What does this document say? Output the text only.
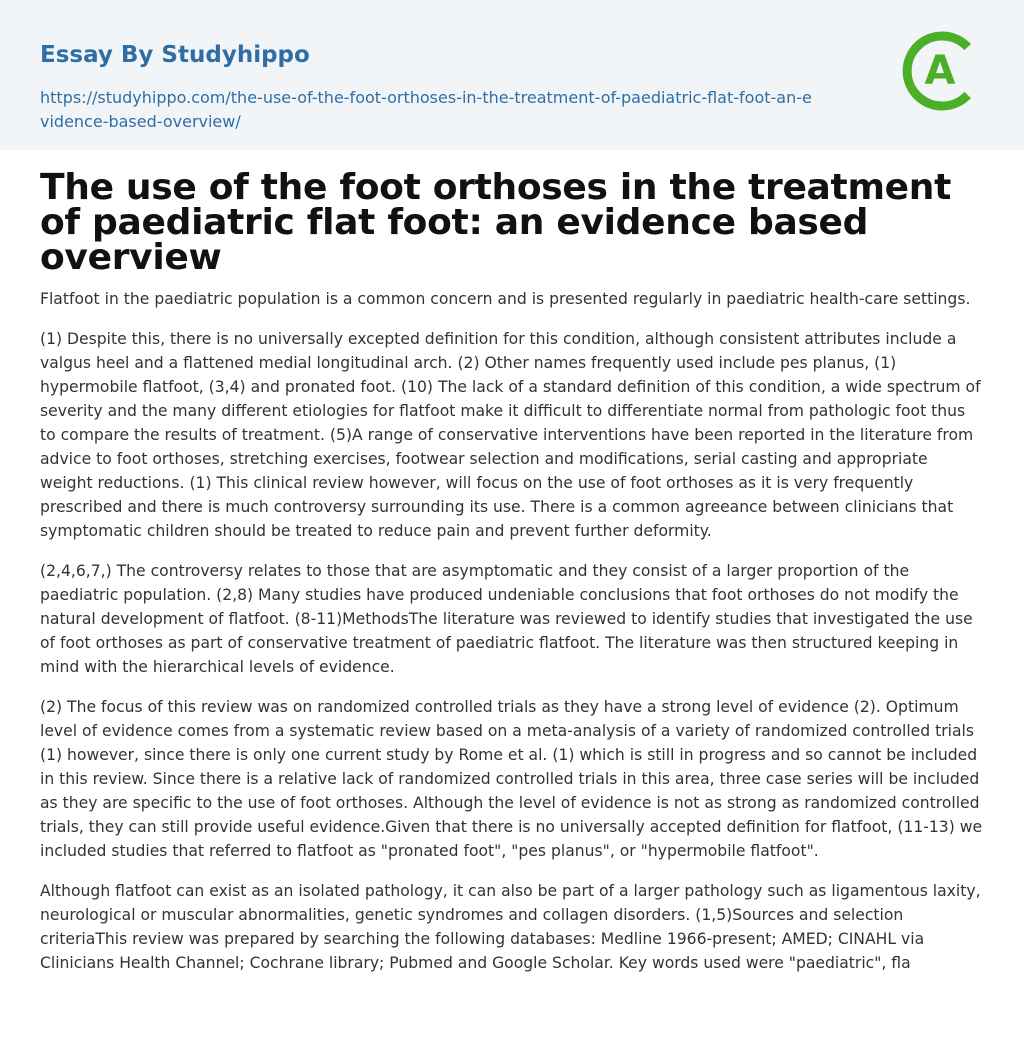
Essay By Studyhippo
https://studyhippo.com/the-use-of-the-foot-orthoses-in-the-treatment-of-paediatric-flat-foot-an-evidence-based-overview/
A
The use of the foot orthoses in the treatment of paediatric flat foot: an evidence based overview

Flatfoot in the paediatric population is a common concern and is presented regularly in paediatric health-care settings.

(1) Despite this, there is no universally excepted definition for this condition, although consistent attributes include a valgus heel and a flattened medial longitudinal arch. (2) Other names frequently used include pes planus, (1) hypermobile flatfoot, (3,4) and pronated foot. (10) The lack of a standard definition of this condition, a wide spectrum of severity and the many different etiologies for flatfoot make it difficult to differentiate normal from pathologic foot thus to compare the results of treatment. (5)A range of conservative interventions have been reported in the literature from advice to foot orthoses, stretching exercises, footwear selection and modifications, serial casting and appropriate weight reductions. (1) This clinical review however, will focus on the use of foot orthoses as it is very frequently prescribed and there is much controversy surrounding its use. There is a common agreeance between clinicians that symptomatic children should be treated to reduce pain and prevent further deformity.

(2,4,6,7,) The controversy relates to those that are asymptomatic and they consist of a larger proportion of the paediatric population. (2,8) Many studies have produced undeniable conclusions that foot orthoses do not modify the natural development of flatfoot. (8-11)MethodsThe literature was reviewed to identify studies that investigated the use of foot orthoses as part of conservative treatment of paediatric flatfoot. The literature was then structured keeping in mind with the hierarchical levels of evidence.

(2) The focus of this review was on randomized controlled trials as they have a strong level of evidence (2). Optimum level of evidence comes from a systematic review based on a meta-analysis of a variety of randomized controlled trials (1) however, since there is only one current study by Rome et al. (1) which is still in progress and so cannot be included in this review. Since there is a relative lack of randomized controlled trials in this area, three case series will be included as they are specific to the use of foot orthoses. Although the level of evidence is not as strong as randomized controlled trials, they can still provide useful evidence.Given that there is no universally accepted definition for flatfoot, (11-13) we included studies that referred to flatfoot as "pronated foot", "pes planus", or "hypermobile flatfoot".

Although flatfoot can exist as an isolated pathology, it can also be part of a larger pathology such as ligamentous laxity, neurological or muscular abnormalities, genetic syndromes and collagen disorders. (1,5)Sources and selection criteriaThis review was prepared by searching the following databases: Medline 1966-present; AMED; CINAHL via Clinicians Health Channel; Cochrane library; Pubmed and Google Scholar. Key words used were "paediatric", fla
